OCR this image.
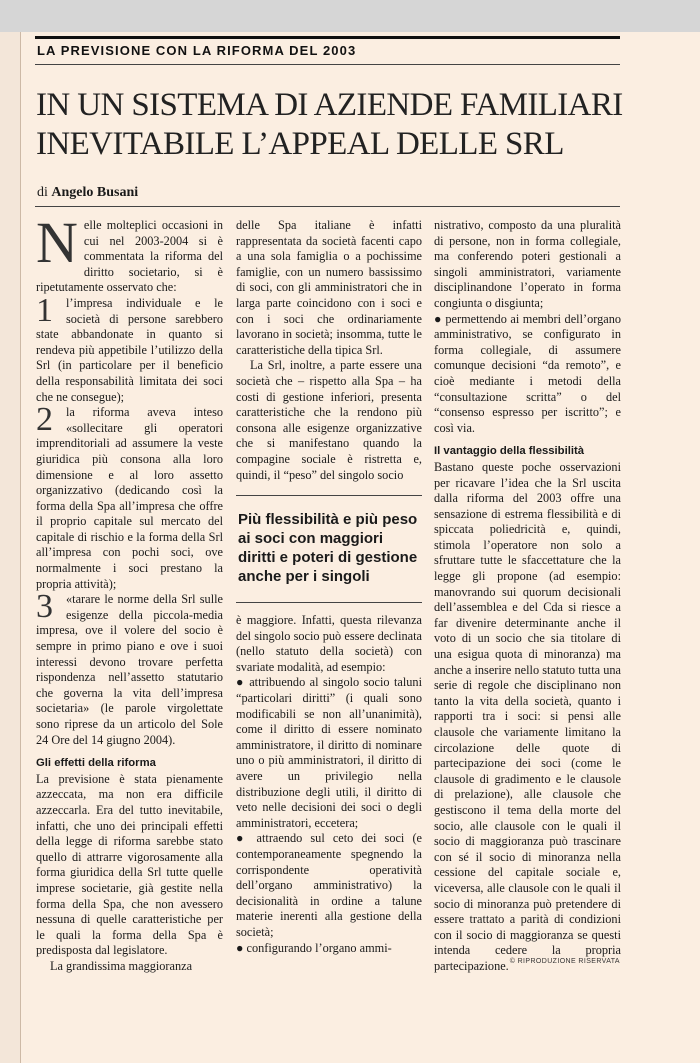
LA PREVISIONE CON LA RIFORMA DEL 2003
IN UN SISTEMA DI AZIENDE FAMILIARI
INEVITABILE L’APPEAL DELLE SRL
di Angelo Busani

Nelle molteplici occasioni in cui nel 2003-2004 si è commentata la riforma del diritto societario, si è ripetutamente osservato che:

1	l’impresa individuale e le società di persone sarebbero state abbandonate in quanto si rendeva più appetibile l’utilizzo della Srl (in particolare per il beneficio della responsabilità limitata dei soci che ne consegue);

2	la riforma aveva inteso «sollecitare gli operatori imprenditoriali ad assumere la veste giuridica più consona alla loro dimensione e al loro assetto organizzativo (dedicando così la forma della Spa all’impresa che offre il proprio capitale sul mercato del capitale di rischio e la forma della Srl all’impresa con pochi soci, ove normalmente i soci prestano la propria attività);

3	«tarare le norme della Srl sulle esigenze della piccola-media impresa, ove il volere del socio è sempre in primo piano e ove i suoi interessi devono trovare perfetta rispondenza nell’assetto statutario che governa la vita dell’impresa societaria» (le parole virgolettate sono riprese da un articolo del Sole 24 Ore del 14 giugno 2004).

Gli effetti della riforma

La previsione è stata pienamente azzeccata, ma non era difficile azzeccarla. Era del tutto inevitabile, infatti, che uno dei principali effetti della legge di riforma sarebbe stato quello di attrarre vigorosamente alla forma giuridica della Srl tutte quelle imprese societarie, già gestite nella forma della Spa, che non avessero nessuna di quelle caratteristiche per le quali la forma della Spa è predisposta dal legislatore.

La grandissima maggioranza

delle Spa italiane è infatti rappresentata da società facenti capo a una sola famiglia o a pochissime famiglie, con un numero bassissimo di soci, con gli amministratori che in larga parte coincidono con i soci e con i soci che ordinariamente lavorano in società; insomma, tutte le caratteristiche della tipica Srl.

La Srl, inoltre, a parte essere una società che – rispetto alla Spa – ha costi di gestione inferiori, presenta caratteristiche che la rendono più consona alle esigenze organizzative che si manifestano quando la compagine sociale è ristretta e, quindi, il “peso” del singolo socio

Più flessibilità e più peso ai soci con maggiori diritti e poteri di gestione anche per i singoli

è maggiore. Infatti, questa rilevanza del singolo socio può essere declinata (nello statuto della società) con svariate modalità, ad esempio:

● attribuendo al singolo socio taluni “particolari diritti” (i quali sono modificabili se non all’unanimità), come il diritto di essere nominato amministratore, il diritto di nominare uno o più amministratori, il diritto di avere un privilegio nella distribuzione degli utili, il diritto di veto nelle decisioni dei soci o degli amministratori, eccetera;

● attraendo sul ceto dei soci (e contemporaneamente spegnendo la corrispondente operatività dell’organo amministrativo) la decisionalità in ordine a talune materie inerenti alla gestione della società;

● configurando l’organo ammi-

nistrativo, composto da una pluralità di persone, non in forma collegiale, ma conferendo poteri gestionali a singoli amministratori, variamente disciplinandone l’operato in forma congiunta o disgiunta;

● permettendo ai membri dell’organo amministrativo, se configurato in forma collegiale, di assumere comunque decisioni “da remoto”, e cioè mediante i metodi della “consultazione scritta” o del “consenso espresso per iscritto”; e così via.

Il vantaggio della flessibilità

Bastano queste poche osservazioni per ricavare l’idea che la Srl uscita dalla riforma del 2003 offre una sensazione di estrema flessibilità e di spiccata poliedricità e, quindi, stimola l’operatore non solo a sfruttare tutte le sfaccettature che la legge gli propone (ad esempio: manovrando sui quorum decisionali dell’assemblea e del Cda si riesce a far divenire determinante anche il voto di un socio che sia titolare di una esigua quota di minoranza) ma anche a inserire nello statuto tutta una serie di regole che disciplinano non tanto la vita della società, quanto i rapporti tra i soci: si pensi alle clausole che variamente limitano la circolazione delle quote di partecipazione dei soci (come le clausole di gradimento e le clausole di prelazione), alle clausole che gestiscono il tema della morte del socio, alle clausole con le quali il socio di maggioranza può trascinare con sé il socio di minoranza nella cessione del capitale sociale e, viceversa, alle clausole con le quali il socio di minoranza può pretendere di essere trattato a parità di condizioni con il socio di maggioranza se questi intenda cedere la propria partecipazione. © RIPRODUZIONE RISERVATA
